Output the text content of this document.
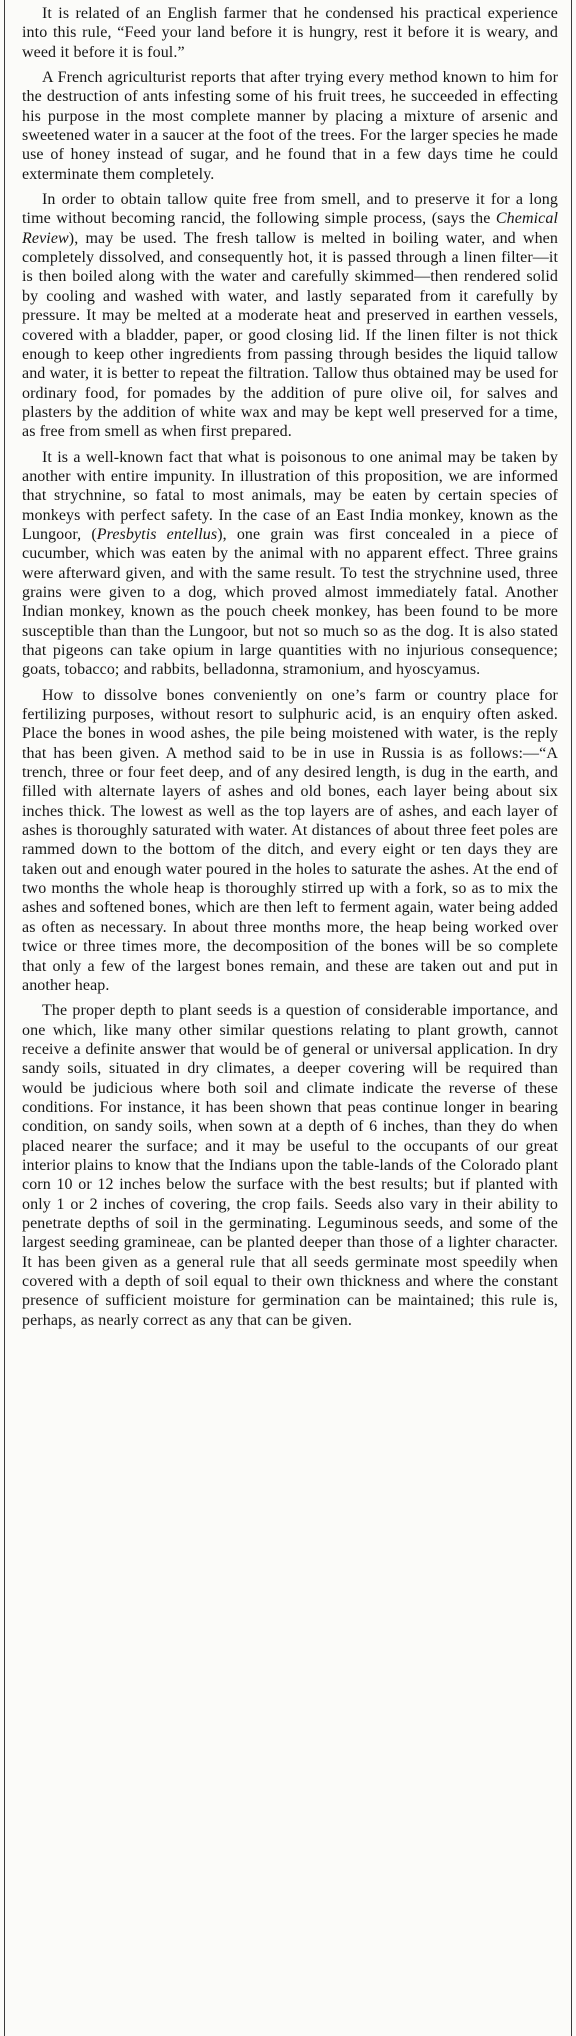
It is related of an English farmer that he condensed his practical experience into this rule, “Feed your land before it is hungry, rest it before it is weary, and weed it before it is foul.”

A French agriculturist reports that after trying every method known to him for the destruction of ants infesting some of his fruit trees, he succeeded in effecting his purpose in the most complete manner by placing a mixture of arsenic and sweetened water in a saucer at the foot of the trees. For the larger species he made use of honey instead of sugar, and he found that in a few days time he could exterminate them completely.

In order to obtain tallow quite free from smell, and to preserve it for a long time without becoming rancid, the following simple process, (says the Chemical Review), may be used. The fresh tallow is melted in boiling water, and when completely dissolved, and consequently hot, it is passed through a linen filter—it is then boiled along with the water and carefully skimmed—then rendered solid by cooling and washed with water, and lastly separated from it carefully by pressure. It may be melted at a moderate heat and preserved in earthen vessels, covered with a bladder, paper, or good closing lid. If the linen filter is not thick enough to keep other ingredients from passing through besides the liquid tallow and water, it is better to repeat the filtration. Tallow thus obtained may be used for ordinary food, for pomades by the addition of pure olive oil, for salves and plasters by the addition of white wax and may be kept well preserved for a time, as free from smell as when first prepared.

It is a well-known fact that what is poisonous to one animal may be taken by another with entire impunity. In illustration of this proposition, we are informed that strychnine, so fatal to most animals, may be eaten by certain species of monkeys with perfect safety. In the case of an East India monkey, known as the Lungoor, (Presbytis entellus), one grain was first concealed in a piece of cucumber, which was eaten by the animal with no apparent effect. Three grains were afterward given, and with the same result. To test the strychnine used, three grains were given to a dog, which proved almost immediately fatal. Another Indian monkey, known as the pouch cheek monkey, has been found to be more susceptible than than the Lungoor, but not so much so as the dog. It is also stated that pigeons can take opium in large quantities with no injurious consequence; goats, tobacco; and rabbits, belladonna, stramonium, and hyoscyamus.

How to dissolve bones conveniently on one’s farm or country place for fertilizing purposes, without resort to sulphuric acid, is an enquiry often asked. Place the bones in wood ashes, the pile being moistened with water, is the reply that has been given. A method said to be in use in Russia is as follows:—“A trench, three or four feet deep, and of any desired length, is dug in the earth, and filled with alternate layers of ashes and old bones, each layer being about six inches thick. The lowest as well as the top layers are of ashes, and each layer of ashes is thoroughly saturated with water. At distances of about three feet poles are rammed down to the bottom of the ditch, and every eight or ten days they are taken out and enough water poured in the holes to saturate the ashes. At the end of two months the whole heap is thoroughly stirred up with a fork, so as to mix the ashes and softened bones, which are then left to ferment again, water being added as often as necessary. In about three months more, the heap being worked over twice or three times more, the decomposition of the bones will be so complete that only a few of the largest bones remain, and these are taken out and put in another heap.

The proper depth to plant seeds is a question of considerable importance, and one which, like many other similar questions relating to plant growth, cannot receive a definite answer that would be of general or universal application. In dry sandy soils, situated in dry climates, a deeper covering will be required than would be judicious where both soil and climate indicate the reverse of these conditions. For instance, it has been shown that peas continue longer in bearing condition, on sandy soils, when sown at a depth of 6 inches, than they do when placed nearer the surface; and it may be useful to the occupants of our great interior plains to know that the Indians upon the table-lands of the Colorado plant corn 10 or 12 inches below the surface with the best results; but if planted with only 1 or 2 inches of covering, the crop fails. Seeds also vary in their ability to penetrate depths of soil in the germinating. Leguminous seeds, and some of the largest seeding gramineae, can be planted deeper than those of a lighter character. It has been given as a general rule that all seeds germinate most speedily when covered with a depth of soil equal to their own thickness and where the constant presence of sufficient moisture for germination can be maintained; this rule is, perhaps, as nearly correct as any that can be given.
